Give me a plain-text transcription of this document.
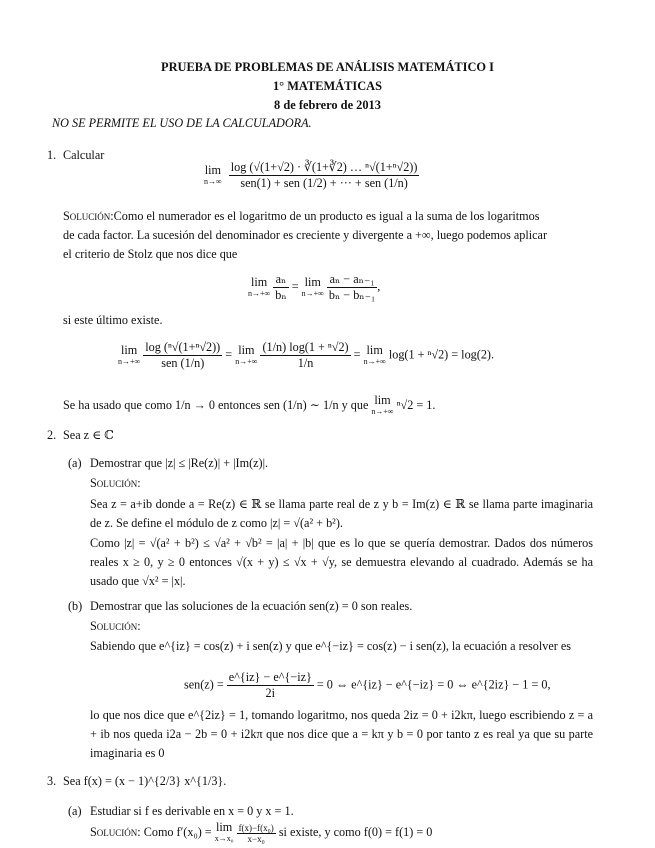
PRUEBA DE PROBLEMAS DE ANÁLISIS MATEMÁTICO I
1° MATEMÁTICAS
8 de febrero de 2013
NO SE PERMITE EL USO DE LA CALCULADORA.
1. Calcular
lim
n→∞
$\frac{\text{log (√(1+√2) · ∛(1+∛2) … ⁿ√(1+ⁿ√2))}}{\text{sen(1) + sen (1/2) + ··· + sen (1/n)}}$
Solución:Como el numerador es el logaritmo de un producto es igual a la suma de los logaritmos
de cada factor. La sucesión del denominador es creciente y divergente a +∞, luego podemos aplicar
el criterio de Stolz que nos dice que
lim
n→+∞
$\frac{\text{aₙ}}{\text{bₙ}} = \lim$
n→+∞
$\frac{\text{aₙ − aₙ₋₁}}{\text{bₙ − bₙ₋₁}}$ ,
si este último existe.
lim
n→+∞
$\frac{\text{log (ⁿ√(1+ⁿ√2))}}{\text{sen (1/n)}} = \lim$
n→+∞
$\frac{\text{(1/n) log(1 + ⁿ√2)}}{1/n} = \lim$
n→+∞ log(1 + ⁿ√2) = log(2).
Se ha usado que como 1/n → 0 entonces sen (1/n) ∼ 1/n y que lim
n→+∞ ⁿ√2 = 1.
2. Sea z ∈ ℂ
(a) Demostrar que |z| ≤ |Re(z)| + |Im(z)|.
Solución:
Sea z = a+ib donde a = Re(z) ∈ ℝ se llama parte real de z y b = Im(z) ∈ ℝ se llama parte imaginaria de z. Se define el módulo de z como |z| = √(a² + b²).
Como |z| = √(a² + b²) ≤ √a² + √b² = |a| + |b| que es lo que se quería demostrar. Dados dos números reales x ≥ 0, y ≥ 0 entonces √(x + y) ≤ √x + √y, se demuestra elevando al cuadrado. Además se ha usado que √x² = |x|.
(b) Demostrar que las soluciones de la ecuación sen(z) = 0 son reales.
Solución:
Sabiendo que e^{iz} = cos(z) + i sen(z) y que e^{−iz} = cos(z) − i sen(z), la ecuación a resolver es
$sen(z) = \frac{e\^{}\{iz\} - e\^{}\{-iz\}}{2i} = 0$ ⇔ e^{iz} − e^{−iz} = 0 ⇔ e^{2iz} − 1 = 0,
lo que nos dice que e^{2iz} = 1, tomando logaritmo, nos queda 2iz = 0 + i2kπ, luego escribiendo z = a + ib nos queda i2a − 2b = 0 + i2kπ que nos dice que a = kπ y b = 0 por tanto z es real ya que su parte imaginaria es 0
3. Sea f(x) = (x − 1)^{2/3} x^{1/3}.
(a) Estudiar si f es derivable en x = 0 y x = 1.
Solución: Como f′(x₀) = lim
x→x₀
$\frac{\text{f(x)−f(x₀)}}{\text{x−x₀}}$ si existe, y como f(0) = f(1) = 0
